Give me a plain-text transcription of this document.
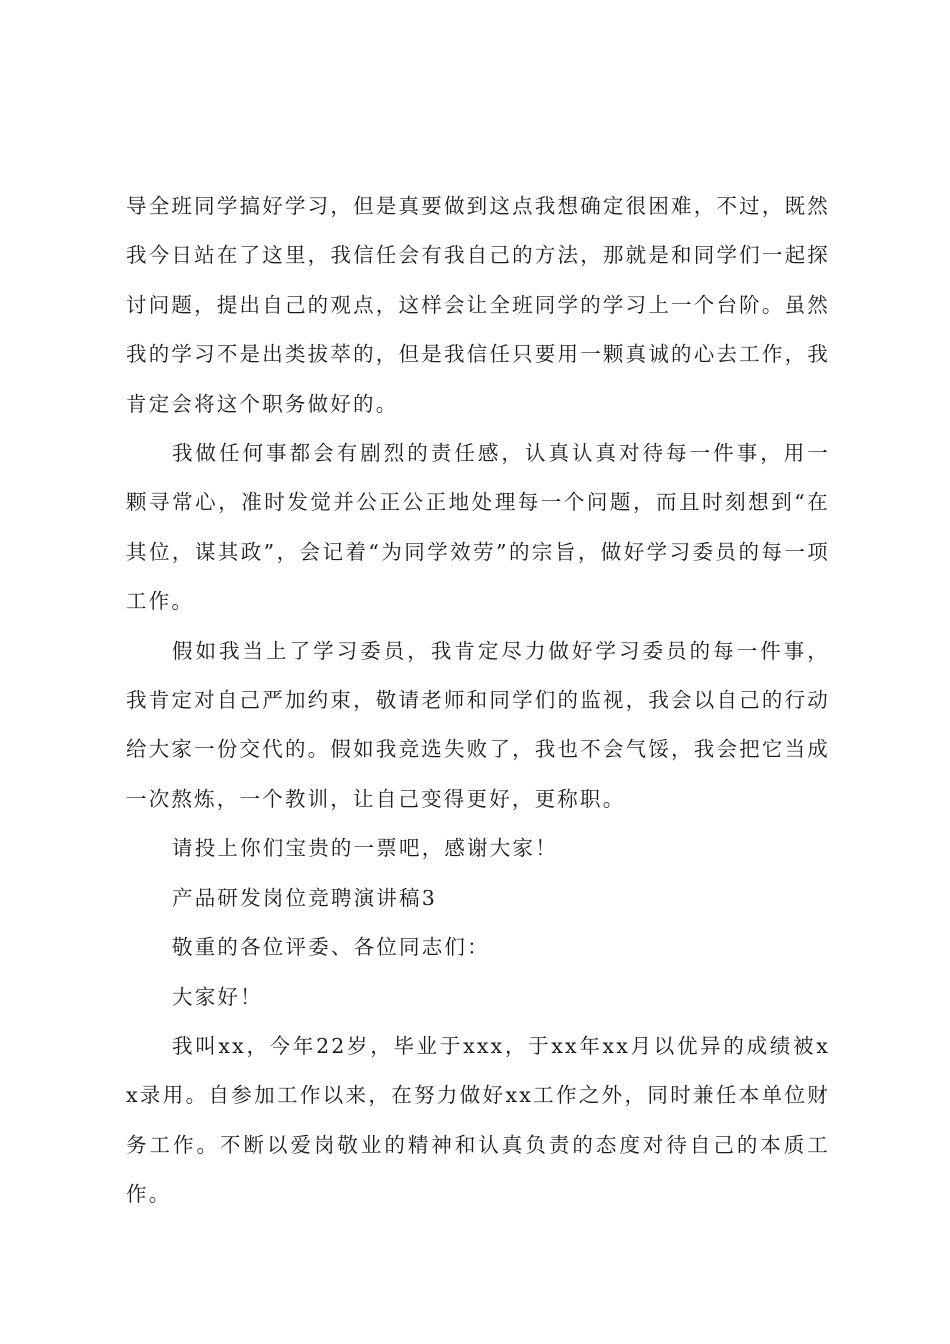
导全班同学搞好学习，但是真要做到这点我想确定很困难，不过，既然我今日站在了这里，我信任会有我自己的方法，那就是和同学们一起探讨问题，提出自己的观点，这样会让全班同学的学习上一个台阶。虽然我的学习不是出类拔萃的，但是我信任只要用一颗真诚的心去工作，我肯定会将这个职务做好的。

我做任何事都会有剧烈的责任感，认真认真对待每一件事，用一颗寻常心，准时发觉并公正公正地处理每一个问题，而且时刻想到“在其位，谋其政”，会记着“为同学效劳”的宗旨，做好学习委员的每一项工作。

假如我当上了学习委员，我肯定尽力做好学习委员的每一件事，我肯定对自己严加约束，敬请老师和同学们的监视，我会以自己的行动给大家一份交代的。假如我竞选失败了，我也不会气馁，我会把它当成一次熬炼，一个教训，让自己变得更好，更称职。

请投上你们宝贵的一票吧，感谢大家！

产品研发岗位竞聘演讲稿3

敬重的各位评委、各位同志们：

大家好！

我叫xx，今年22岁，毕业于xxx，于xx年xx月以优异的成绩被xx录用。自参加工作以来，在努力做好xx工作之外，同时兼任本单位财务工作。不断以爱岗敬业的精神和认真负责的态度对待自己的本质工作。
